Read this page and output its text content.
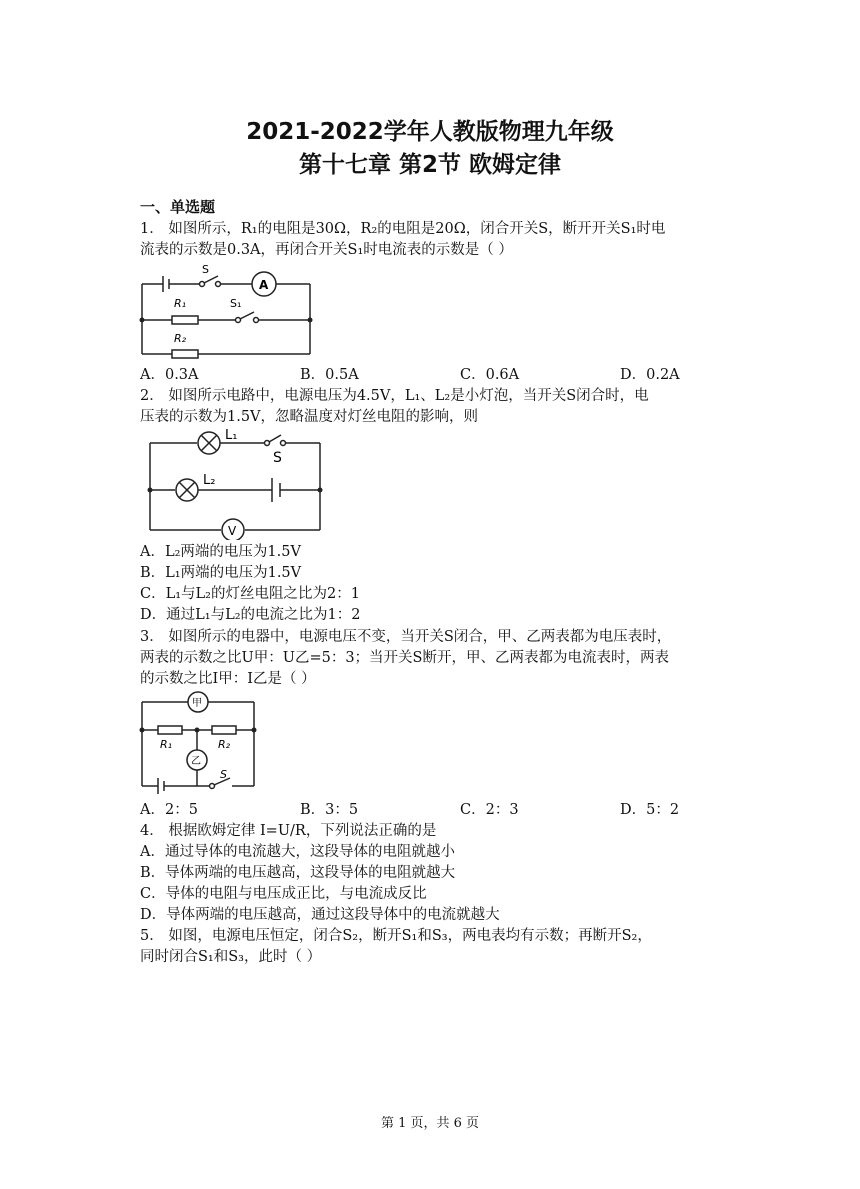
2021-2022学年人教版物理九年级
第十七章 第2节 欧姆定律
一、单选题
1． 如图所示，R₁的电阻是30Ω，R₂的电阻是20Ω，闭合开关S，断开开关S₁时电
流表的示数是0.3A，再闭合开关S₁时电流表的示数是（ ）
S
A
R₁	S₁
R₂
A．0.3A	B．0.5A	C．0.6A	D．0.2A
2． 如图所示电路中，电源电压为4.5V，L₁、L₂是小灯泡，当开关S闭合时，电
压表的示数为1.5V，忽略温度对灯丝电阻的影响，则
L₁
S
L₂
V
A．L₂两端的电压为1.5V
B．L₁两端的电压为1.5V
C．L₁与L₂的灯丝电阻之比为2：1
D．通过L₁与L₂的电流之比为1：2
3． 如图所示的电器中，电源电压不变，当开关S闭合，甲、乙两表都为电压表时，
两表的示数之比U甲：U乙=5：3；当开关S断开，甲、乙两表都为电流表时，两表
的示数之比I甲：I乙是（ ）
甲
R₁
乙
R₂
S
A．2：5	B．3：5	C．2：3	D．5：2
4． 根据欧姆定律 I=U/R，下列说法正确的是
A．通过导体的电流越大，这段导体的电阻就越小
B．导体两端的电压越高，这段导体的电阻就越大
C．导体的电阻与电压成正比，与电流成反比
D．导体两端的电压越高，通过这段导体中的电流就越大
5． 如图，电源电压恒定，闭合S₂，断开S₁和S₃，两电表均有示数；再断开S₂，
同时闭合S₁和S₃，此时（ ）
第 1 页，共 6 页
